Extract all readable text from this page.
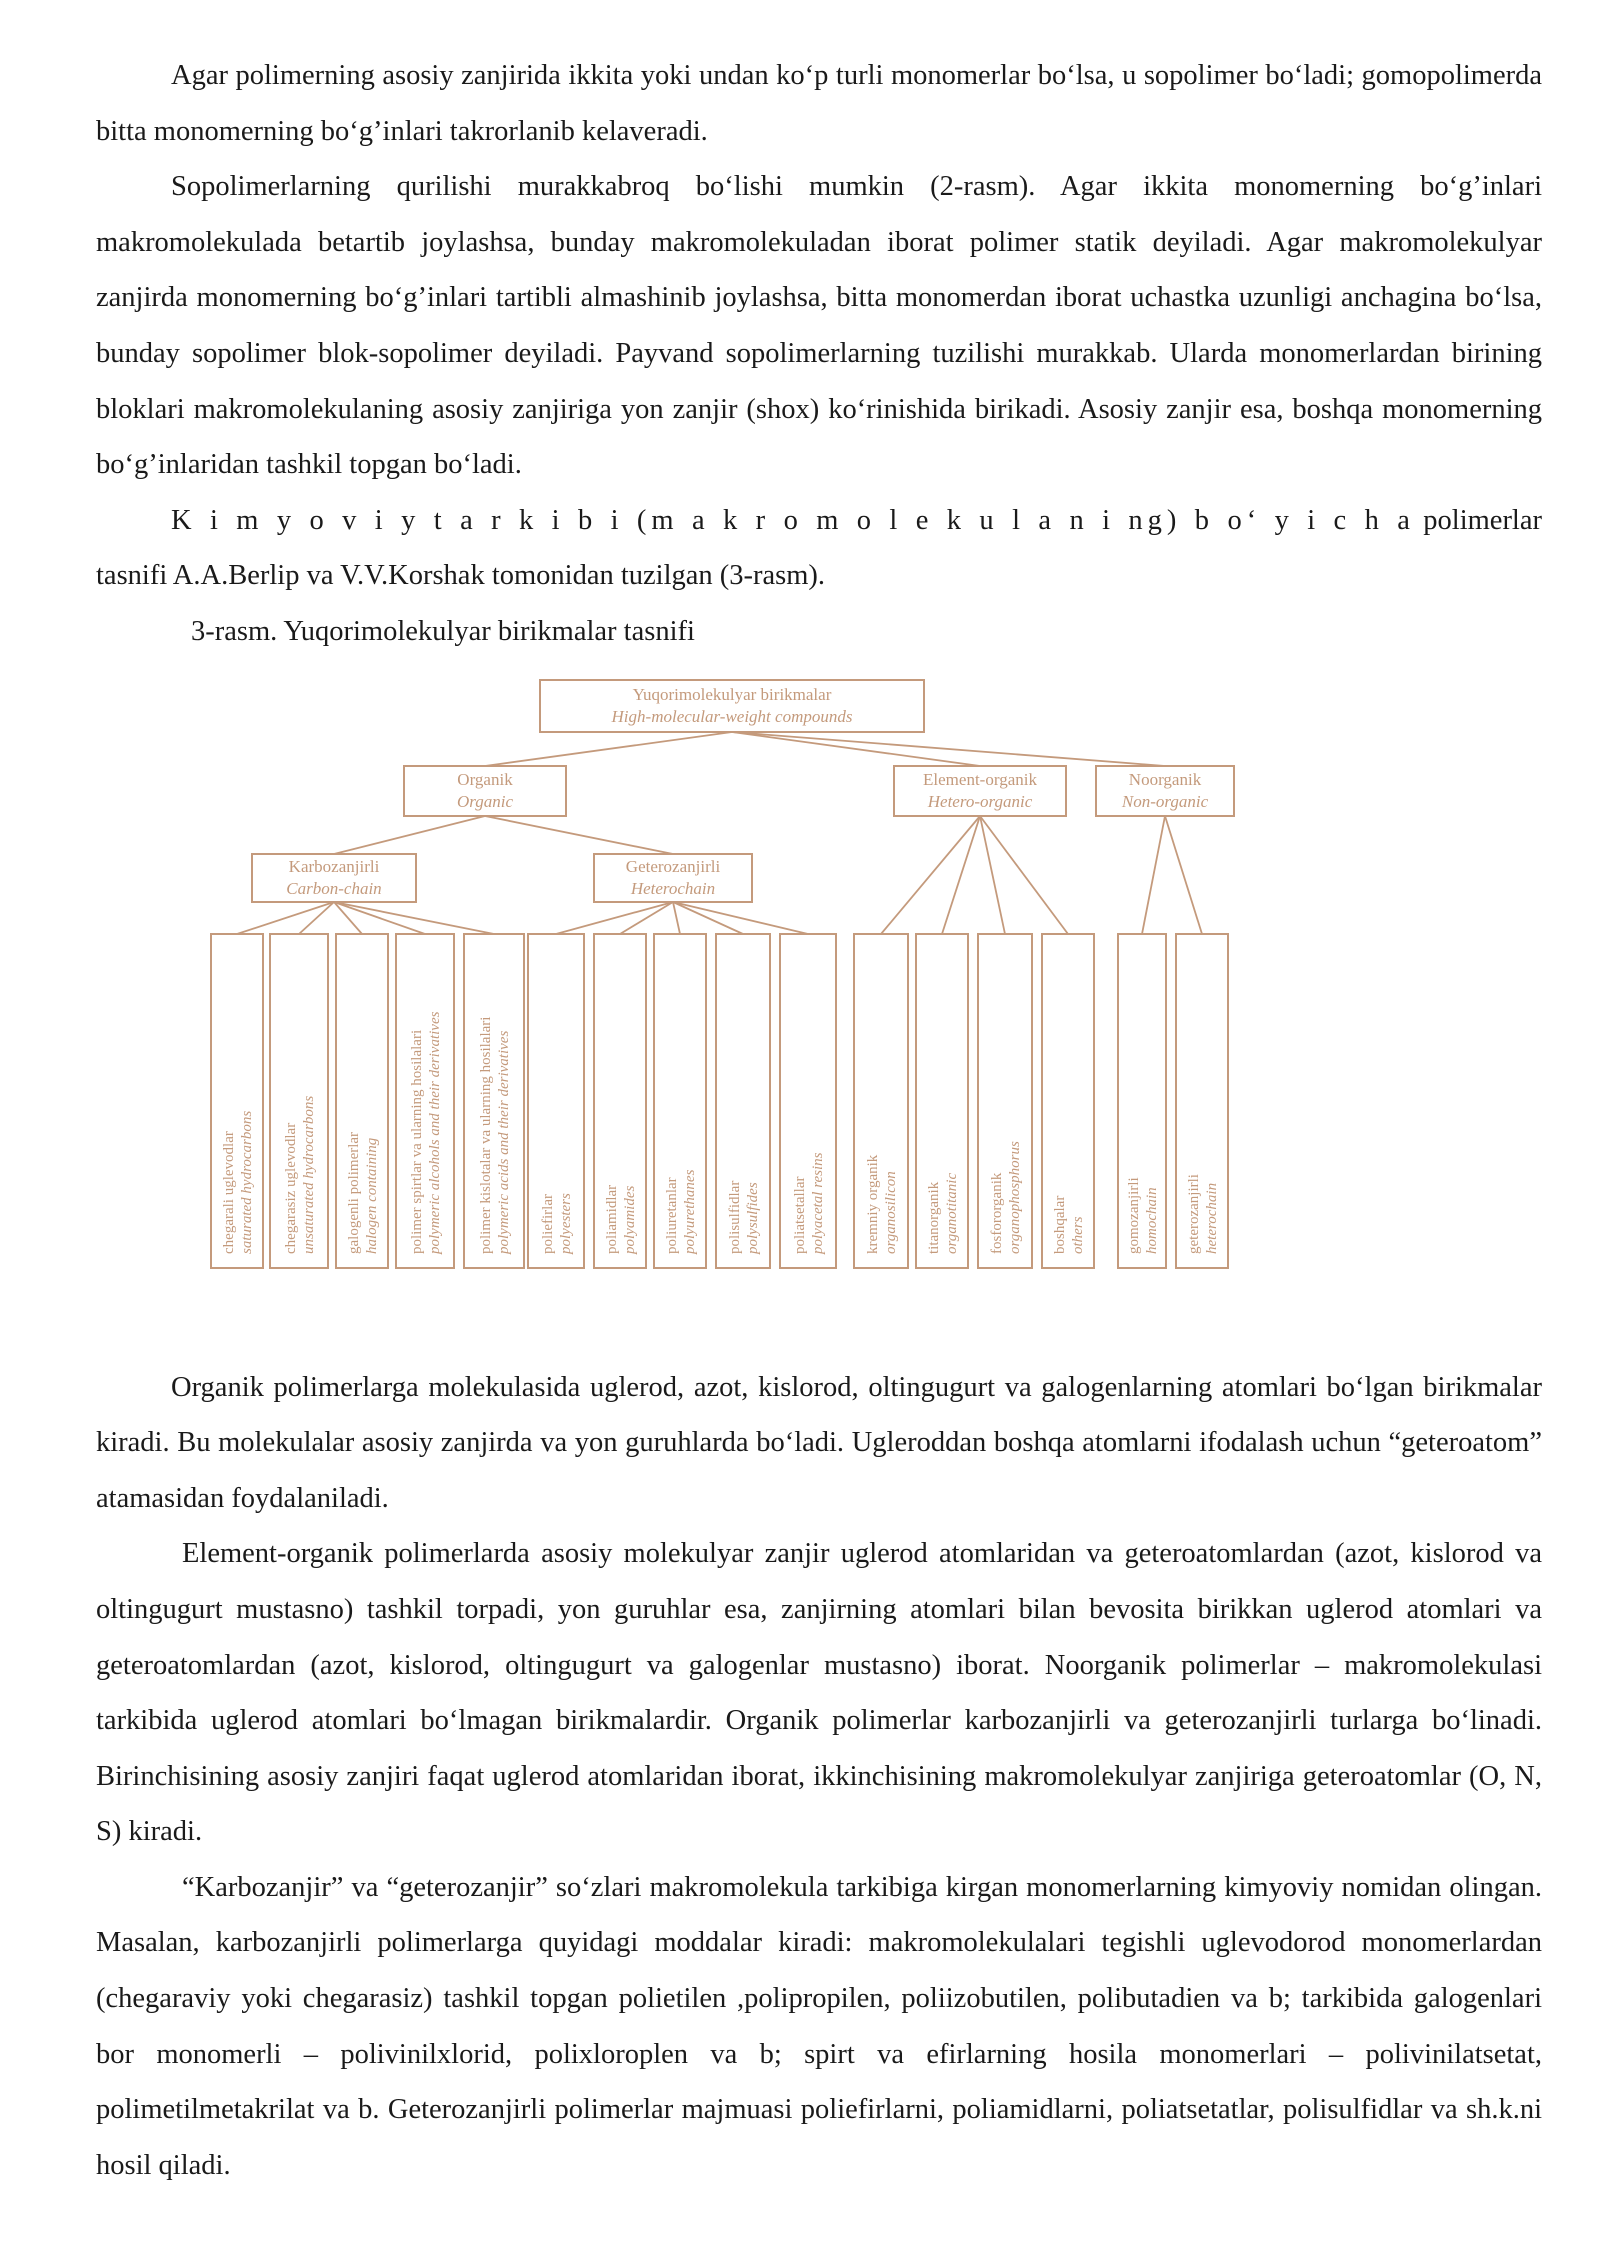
Agar polimerning asosiy zanjirida ikkita yoki undan ko‘p turli monomerlar bo‘lsa, u sopolimer bo‘ladi; gomopolimerda bitta monomerning bo‘g’inlari takrorlanib kelaveradi.

Sopolimerlarning qurilishi murakkabroq bo‘lishi mumkin (2-rasm). Agar ikkita monomerning bo‘g’inlari makromolekulada betartib joylashsa, bunday makromolekuladan iborat polimer statik deyiladi. Agar makromolekulyar zanjirda monomerning bo‘g’inlari tartibli almashinib joylashsa, bitta monomerdan iborat uchastka uzunligi anchagina bo‘lsa, bunday sopolimer blok-sopolimer deyiladi. Payvand sopolimerlarning tuzilishi murakkab. Ularda monomerlardan birining bloklari makromolekulaning asosiy zanjiriga yon zanjir (shox) ko‘rinishida birikadi. Asosiy zanjir esa, boshqa monomerning bo‘g’inlaridan tashkil topgan bo‘ladi.

K i m y o v i y t a r k i b i (m a k r o m o l e k u l a n i ng) b o‘ y i c h a polimerlar tasnifi A.A.Berlip va V.V.Korshak tomonidan tuzilgan (3-rasm).

3-rasm. Yuqorimolekulyar birikmalar tasnifi

Yuqorimolekulyar birikmalar
High-molecular-weight compounds
Organik
Organic
Element-organik
Hetero-organic
Noorganik
Non-organic
Karbozanjirli
Carbon-chain
Geterozanjirli
Heterochain
chegarali uglevodlar saturated hydrocarbons chegarasiz uglevodlar unsaturated hydrocarbons galogenli polimerlar halogen containing polimer spirtlar va ularning hosilalari polymeric alcohols and their derivatives polimer kislotalar va ularning hosilalari polymeric acids and their derivatives poliefirlar polyesters poliamidlar polyamides poliuretanlar polyurethanes polisulfidlar polysulfides poliatsetallar polyacetal resins	kremniy organik organosilicon titanorganik organotitanic fosfororganik organophosphorus boshqalar others	gomozanjirli homochain geterozanjirli heterochain

Organik polimerlarga molekulasida uglerod, azot, kislorod, oltingugurt va galogenlarning atomlari bo‘lgan birikmalar kiradi. Bu molekulalar asosiy zanjirda va yon guruhlarda bo‘ladi. Ugleroddan boshqa atomlarni ifodalash uchun “geteroatom” atamasidan foydalaniladi.

Element-organik polimerlarda asosiy molekulyar zanjir uglerod atomlaridan va geteroatomlardan (azot, kislorod va oltingugurt mustasno) tashkil torpadi, yon guruhlar esa, zanjirning atomlari bilan bevosita birikkan uglerod atomlari va geteroatomlardan (azot, kislorod, oltingugurt va galogenlar mustasno) iborat. Noorganik polimerlar – makromolekulasi tarkibida uglerod atomlari bo‘lmagan birikmalardir. Organik polimerlar karbozanjirli va geterozanjirli turlarga bo‘linadi. Birinchisining asosiy zanjiri faqat uglerod atomlaridan iborat, ikkinchisining makromolekulyar zanjiriga geteroatomlar (O, N, S) kiradi.

“Karbozanjir” va “geterozanjir” so‘zlari makromolekula tarkibiga kirgan monomerlarning kimyoviy nomidan olingan. Masalan, karbozanjirli polimerlarga quyidagi moddalar kiradi: makromolekulalari tegishli uglevodorod monomerlardan (chegaraviy yoki chegarasiz) tashkil topgan polietilen ,polipropilen, poliizobutilen, polibutadien va b; tarkibida galogenlari bor monomerli – polivinilxlorid, polixloroplen va b; spirt va efirlarning hosila monomerlari – polivinilatsetat, polimetilmetakrilat va b. Geterozanjirli polimerlar majmuasi poliefirlarni, poliamidlarni, poliatsetatlar, polisulfidlar va sh.k.ni hosil qiladi.
